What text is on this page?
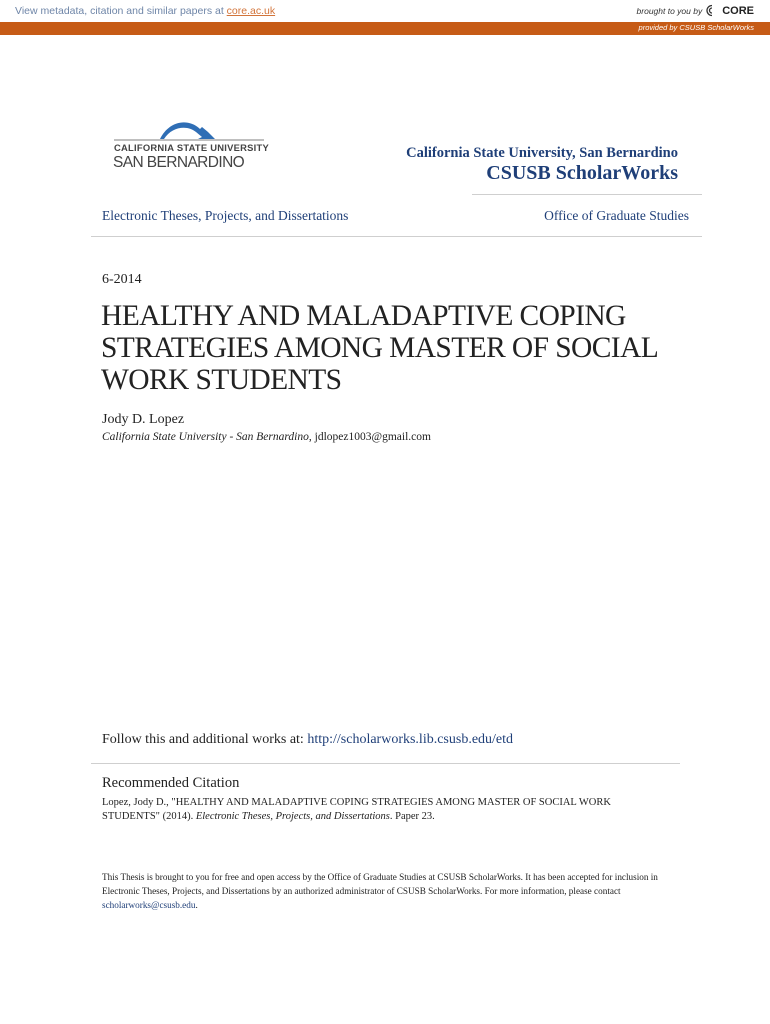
View metadata, citation and similar papers at core.ac.uk	brought to you by CORE
provided by CSUSB ScholarWorks
CALIFORNIA STATE UNIVERSITY
SAN BERNARDINO
California State University, San Bernardino
CSUSB ScholarWorks
Electronic Theses, Projects, and Dissertations	Office of Graduate Studies
6-2014
HEALTHY AND MALADAPTIVE COPING STRATEGIES AMONG MASTER OF SOCIAL WORK STUDENTS
Jody D. Lopez
California State University - San Bernardino, jdlopez1003@gmail.com
Follow this and additional works at: http://scholarworks.lib.csusb.edu/etd
Recommended Citation

Lopez, Jody D., "HEALTHY AND MALADAPTIVE COPING STRATEGIES AMONG MASTER OF SOCIAL WORK STUDENTS" (2014). Electronic Theses, Projects, and Dissertations. Paper 23.

This Thesis is brought to you for free and open access by the Office of Graduate Studies at CSUSB ScholarWorks. It has been accepted for inclusion in Electronic Theses, Projects, and Dissertations by an authorized administrator of CSUSB ScholarWorks. For more information, please contact
scholarworks@csusb.edu.
